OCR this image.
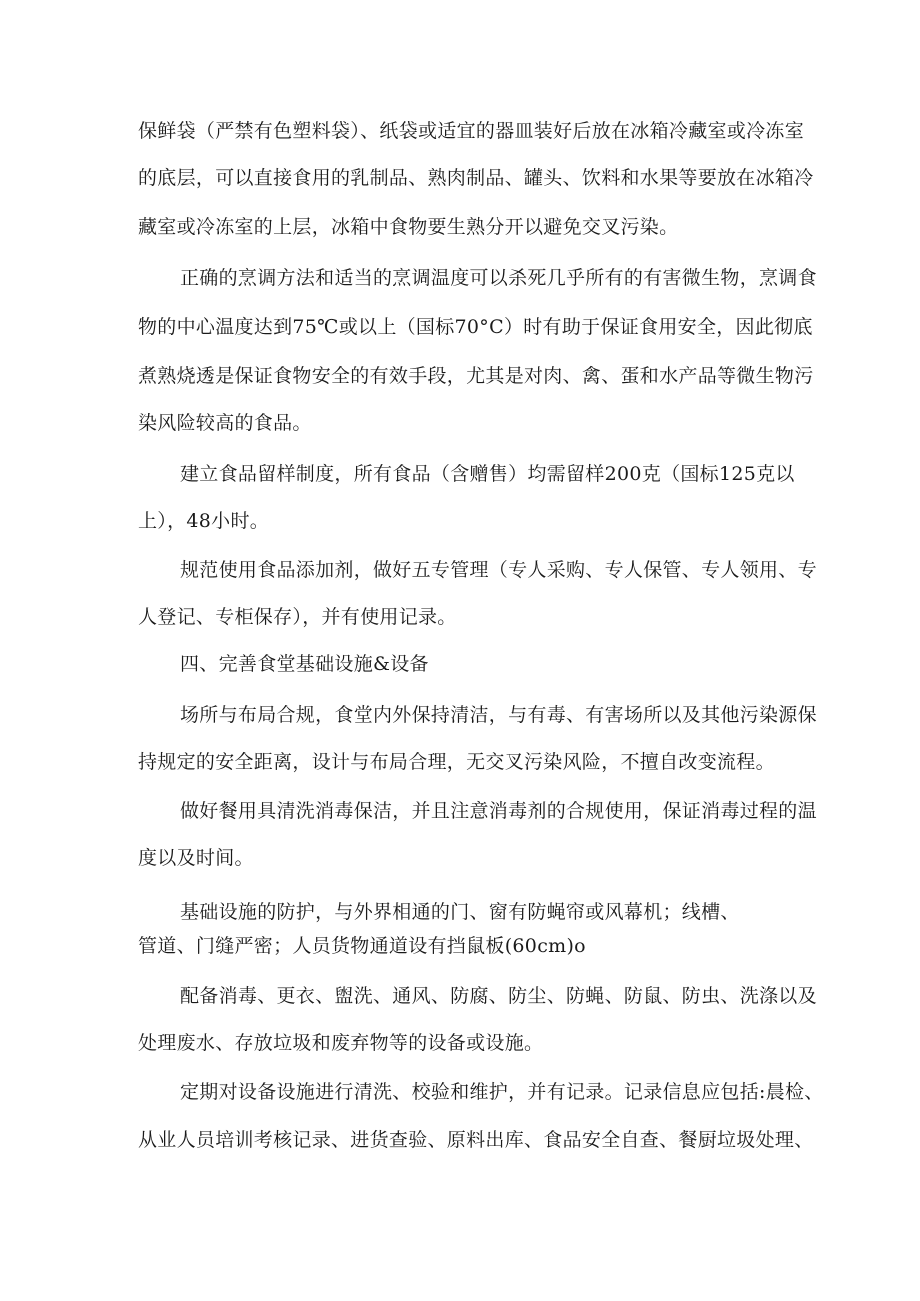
保鲜袋（严禁有色塑料袋）、纸袋或适宜的器皿装好后放在冰箱冷藏室或冷冻室
的底层，可以直接食用的乳制品、熟肉制品、罐头、饮料和水果等要放在冰箱冷
藏室或冷冻室的上层，冰箱中食物要生熟分开以避免交叉污染。
正确的烹调方法和适当的烹调温度可以杀死几乎所有的有害微生物，烹调食
物的中心温度达到75℃或以上（国标70°C）时有助于保证食用安全，因此彻底
煮熟烧透是保证食物安全的有效手段，尤其是对肉、禽、蛋和水产品等微生物污
染风险较高的食品。
建立食品留样制度，所有食品（含赠售）均需留样200克（国标125克以
上），48小时。
规范使用食品添加剂，做好五专管理（专人采购、专人保管、专人领用、专
人登记、专柜保存），并有使用记录。
四、完善食堂基础设施&设备
场所与布局合规，食堂内外保持清洁，与有毒、有害场所以及其他污染源保
持规定的安全距离，设计与布局合理，无交叉污染风险，不擅自改变流程。
做好餐用具清洗消毒保洁，并且注意消毒剂的合规使用，保证消毒过程的温
度以及时间。
基础设施的防护，与外界相通的门、窗有防蝇帘或风幕机；线槽、
管道、门缝严密；人员货物通道设有挡鼠板(60cm)o
配备消毒、更衣、盥洗、通风、防腐、防尘、防蝇、防鼠、防虫、洗涤以及
处理废水、存放垃圾和废弃物等的设备或设施。
定期对设备设施进行清洗、校验和维护，并有记录。记录信息应包括:晨检、
从业人员培训考核记录、进货查验、原料出库、食品安全自查、餐厨垃圾处理、
